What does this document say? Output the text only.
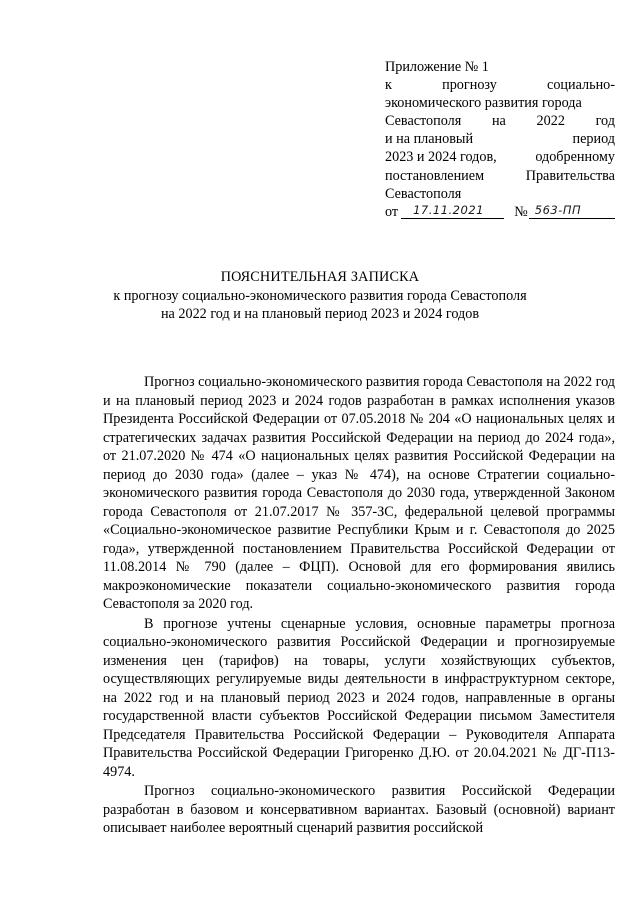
Приложение № 1
к	прогнозу	социально-
экономического развития города
Севастополя на 2022 год
и на плановый	период
2023 и 2024 годов,	одобренному
постановлением	Правительства
Севастополя
от 17.11.2021 № 563-ПП
ПОЯСНИТЕЛЬНАЯ ЗАПИСКА
к прогнозу социально-экономического развития города Севастополя
на 2022 год и на плановый период 2023 и 2024 годов

Прогноз социально-экономического развития города Севастополя на 2022 год и на плановый период 2023 и 2024 годов разработан в рамках исполнения указов Президента Российской Федерации от 07.05.2018 № 204 «О национальных целях и стратегических задачах развития Российской Федерации на период до 2024 года», от 21.07.2020 № 474 «О национальных целях развития Российской Федерации на период до 2030 года» (далее – указ № 474), на основе Стратегии социально-экономического развития города Севастополя до 2030 года, утвержденной Законом города Севастополя от 21.07.2017 № 357-ЗС, федеральной целевой программы «Социально-экономическое развитие Республики Крым и г. Севастополя до 2025 года», утвержденной постановлением Правительства Российской Федерации от 11.08.2014 № 790 (далее – ФЦП). Основой для его формирования явились макроэкономические показатели социально-экономического развития города Севастополя за 2020 год.

В прогнозе учтены сценарные условия, основные параметры прогноза социально-экономического развития Российской Федерации и прогнозируемые изменения цен (тарифов) на товары, услуги хозяйствующих субъектов, осуществляющих регулируемые виды деятельности в инфраструктурном секторе, на 2022 год и на плановый период 2023 и 2024 годов, направленные в органы государственной власти субъектов Российской Федерации письмом Заместителя Председателя Правительства Российской Федерации – Руководителя Аппарата Правительства Российской Федерации Григоренко Д.Ю. от 20.04.2021 № ДГ-П13-4974.

Прогноз социально-экономического развития Российской Федерации разработан в базовом и консервативном вариантах. Базовый (основной) вариант описывает наиболее вероятный сценарий развития российской
